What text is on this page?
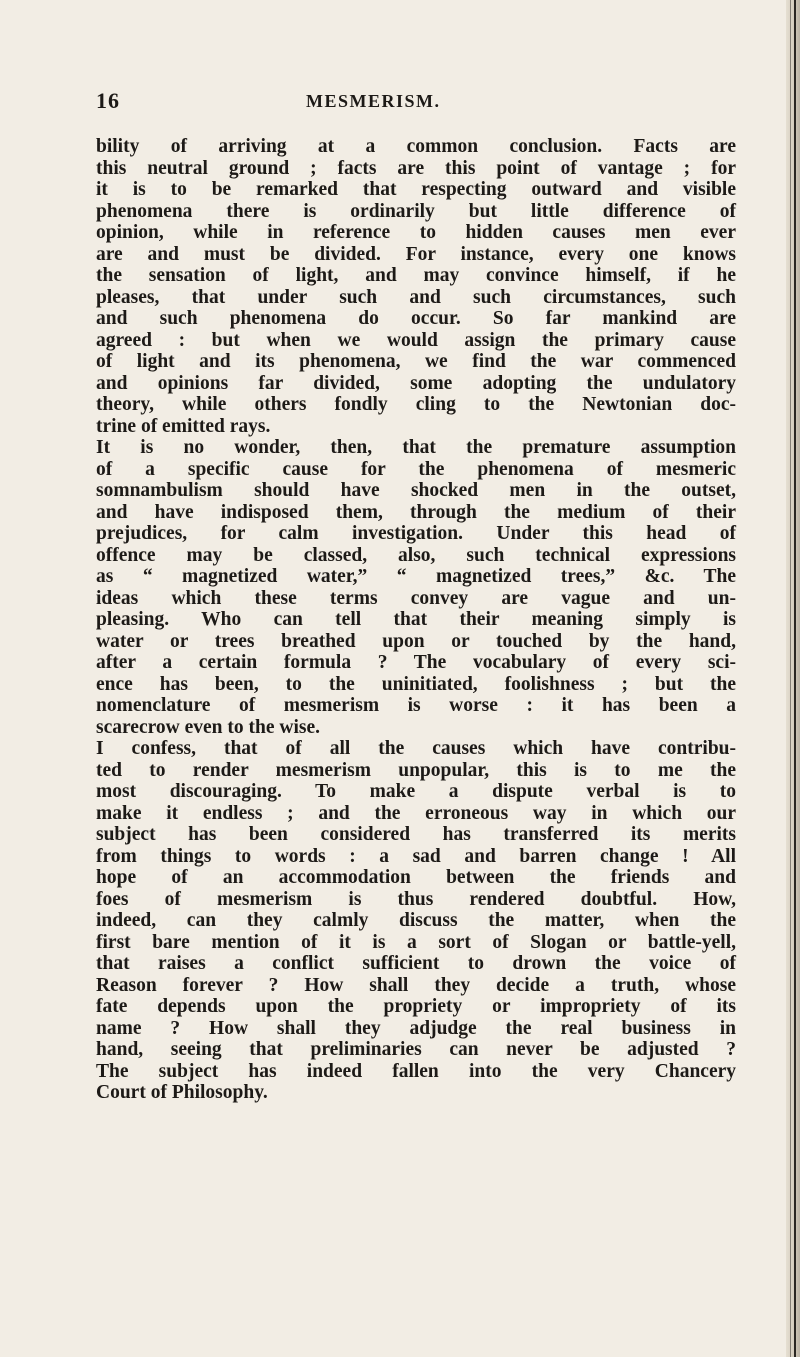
16	MESMERISM.
bility of arriving at a common conclusion. Facts are
this neutral ground ; facts are this point of vantage ; for
it is to be remarked that respecting outward and visible
phenomena there is ordinarily but little difference of
opinion, while in reference to hidden causes men ever
are and must be divided. For instance, every one knows
the sensation of light, and may convince himself, if he
pleases, that under such and such circumstances, such
and such phenomena do occur. So far mankind are
agreed : but when we would assign the primary cause
of light and its phenomena, we find the war commenced
and opinions far divided, some adopting the undulatory
theory, while others fondly cling to the Newtonian doc-
trine of emitted rays.
It is no wonder, then, that the premature assumption
of a specific cause for the phenomena of mesmeric
somnambulism should have shocked men in the outset,
and have indisposed them, through the medium of their
prejudices, for calm investigation. Under this head of
offence may be classed, also, such technical expressions
as “ magnetized water,” “ magnetized trees,” &c. The
ideas which these terms convey are vague and un-
pleasing. Who can tell that their meaning simply is
water or trees breathed upon or touched by the hand,
after a certain formula ? The vocabulary of every sci-
ence has been, to the uninitiated, foolishness ; but the
nomenclature of mesmerism is worse : it has been a
scarecrow even to the wise.
I confess, that of all the causes which have contribu-
ted to render mesmerism unpopular, this is to me the
most discouraging. To make a dispute verbal is to
make it endless ; and the erroneous way in which our
subject has been considered has transferred its merits
from things to words : a sad and barren change ! All
hope of an accommodation between the friends and
foes of mesmerism is thus rendered doubtful. How,
indeed, can they calmly discuss the matter, when the
first bare mention of it is a sort of Slogan or battle-yell,
that raises a conflict sufficient to drown the voice of
Reason forever ? How shall they decide a truth, whose
fate depends upon the propriety or impropriety of its
name ? How shall they adjudge the real business in
hand, seeing that preliminaries can never be adjusted ?
The subject has indeed fallen into the very Chancery
Court of Philosophy.
